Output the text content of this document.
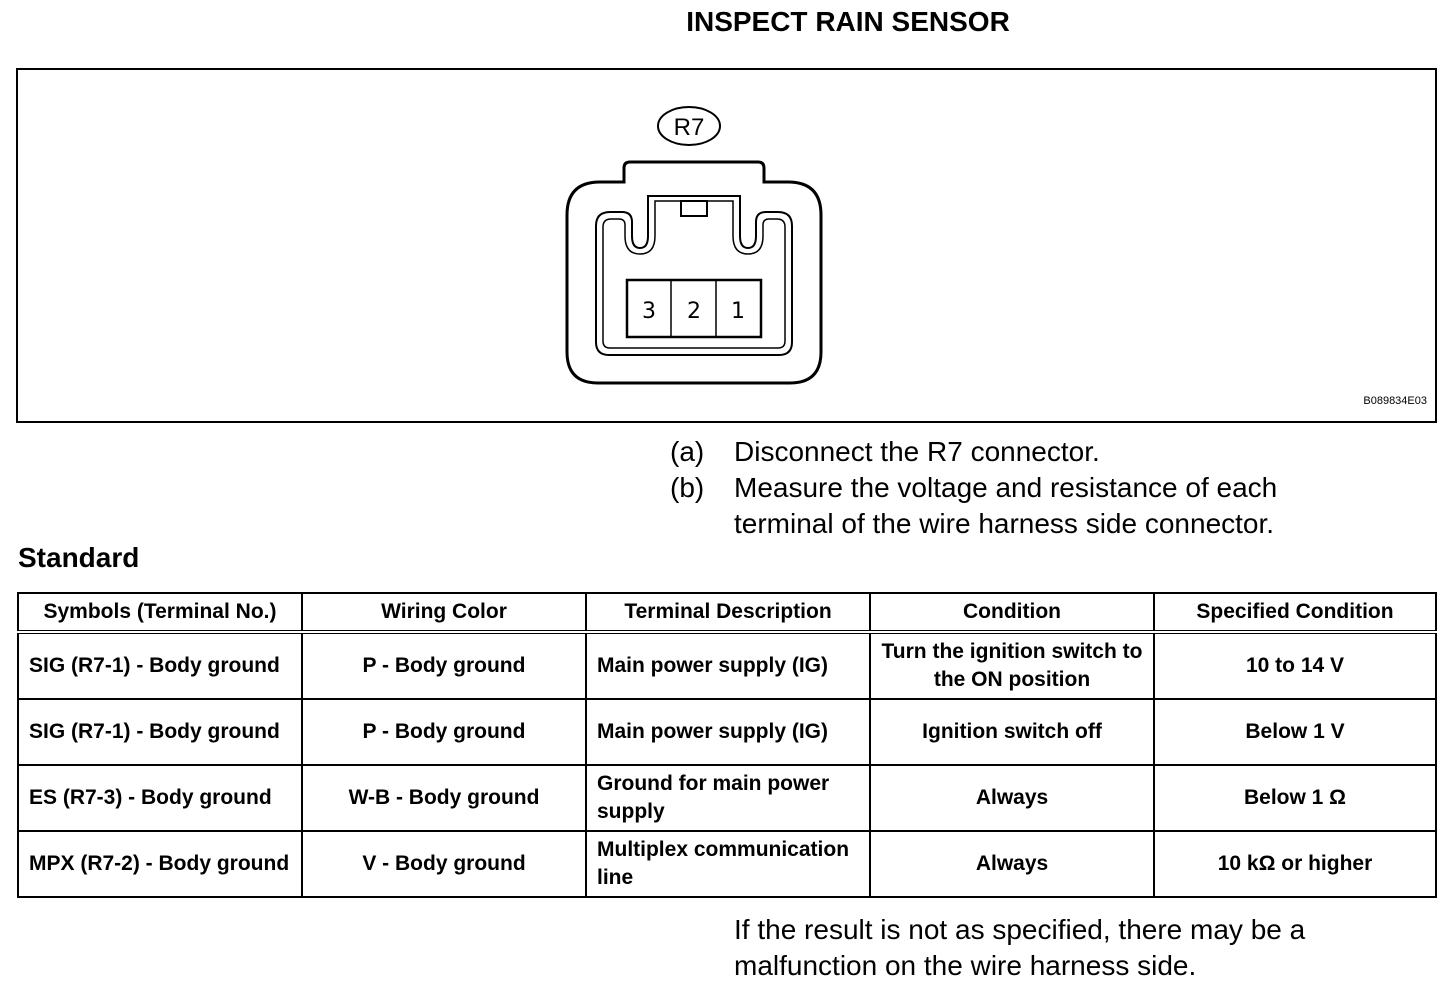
INSPECT RAIN SENSOR
R7
3 2 1
B089834E03
(a)	Disconnect the R7 connector.
(b)	Measure the voltage and resistance of each terminal of the wire harness side connector.
Standard
Symbols (Terminal No.)	Wiring Color	Terminal Description	Condition	Specified Condition
SIG (R7-1) - Body ground	P - Body ground	Main power supply (IG)	Turn the ignition switch to the ON position	10 to 14 V
SIG (R7-1) - Body ground	P - Body ground	Main power supply (IG)	Ignition switch off	Below 1 V
ES (R7-3) - Body ground	W-B - Body ground	Ground for main power supply	Always	Below 1 Ω
MPX (R7-2) - Body ground	V - Body ground	Multiplex communication line	Always	10 kΩ or higher
If the result is not as specified, there may be a malfunction on the wire harness side.
